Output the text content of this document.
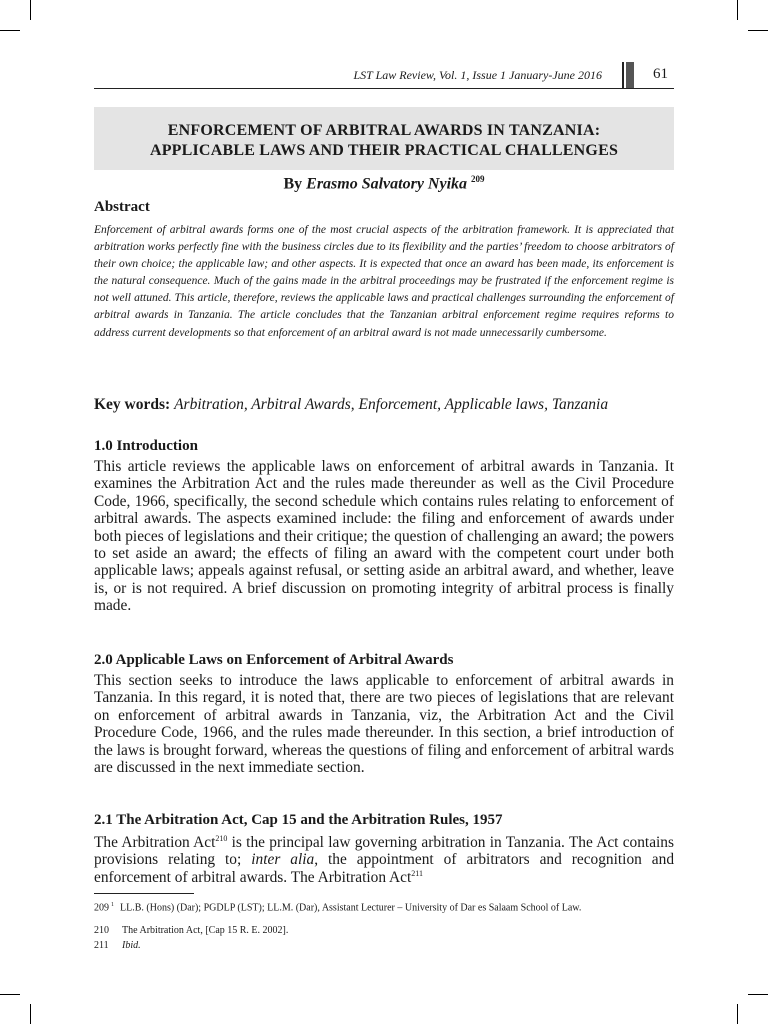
LST Law Review, Vol. 1, Issue 1 January-June 2016	61
ENFORCEMENT OF ARBITRAL AWARDS IN TANZANIA:
APPLICABLE LAWS AND THEIR PRACTICAL CHALLENGES
By Erasmo Salvatory Nyika $^{209}$
Abstract

Enforcement of arbitral awards forms one of the most crucial aspects of the arbitration framework. It is appreciated that arbitration works perfectly fine with the business circles due to its flexibility and the parties’ freedom to choose arbitrators of their own choice; the applicable law; and other aspects. It is expected that once an award has been made, its enforcement is the natural consequence. Much of the gains made in the arbitral proceedings may be frustrated if the enforcement regime is not well attuned. This article, therefore, reviews the applicable laws and practical challenges surrounding the enforcement of arbitral awards in Tanzania. The article concludes that the Tanzanian arbitral enforcement regime requires reforms to address current developments so that enforcement of an arbitral award is not made unnecessarily cumbersome.

Key words: Arbitration, Arbitral Awards, Enforcement, Applicable laws, Tanzania
1.0 Introduction

This article reviews the applicable laws on enforcement of arbitral awards in Tanzania. It examines the Arbitration Act and the rules made thereunder as well as the Civil Procedure Code, 1966, specifically, the second schedule which contains rules relating to enforcement of arbitral awards. The aspects examined include: the filing and enforcement of awards under both pieces of legislations and their critique; the question of challenging an award; the powers to set aside an award; the effects of filing an award with the competent court under both applicable laws; appeals against refusal, or setting aside an arbitral award, and whether, leave is, or is not required. A brief discussion on promoting integrity of arbitral process is finally made.

2.0 Applicable Laws on Enforcement of Arbitral Awards

This section seeks to introduce the laws applicable to enforcement of arbitral awards in Tanzania. In this regard, it is noted that, there are two pieces of legislations that are relevant on enforcement of arbitral awards in Tanzania, viz, the Arbitration Act and the Civil Procedure Code, 1966, and the rules made thereunder. In this section, a brief introduction of the laws is brought forward, whereas the questions of filing and enforcement of arbitral wards are discussed in the next immediate section.

2.1 The Arbitration Act, Cap 15 and the Arbitration Rules, 1957

The Arbitration Act$^{210}$ is the principal law governing arbitration in Tanzania. The Act contains provisions relating to; inter alia, the appointment of arbitrators and recognition and enforcement of arbitral awards. The Arbitration Act$^{211}$

209 $^1$ LL.B. (Hons) (Dar); PGDLP (LST); LL.M. (Dar), Assistant Lecturer – University of Dar es Salaam School of Law.
210 The Arbitration Act, [Cap 15 R. E. 2002].
211 Ibid.
